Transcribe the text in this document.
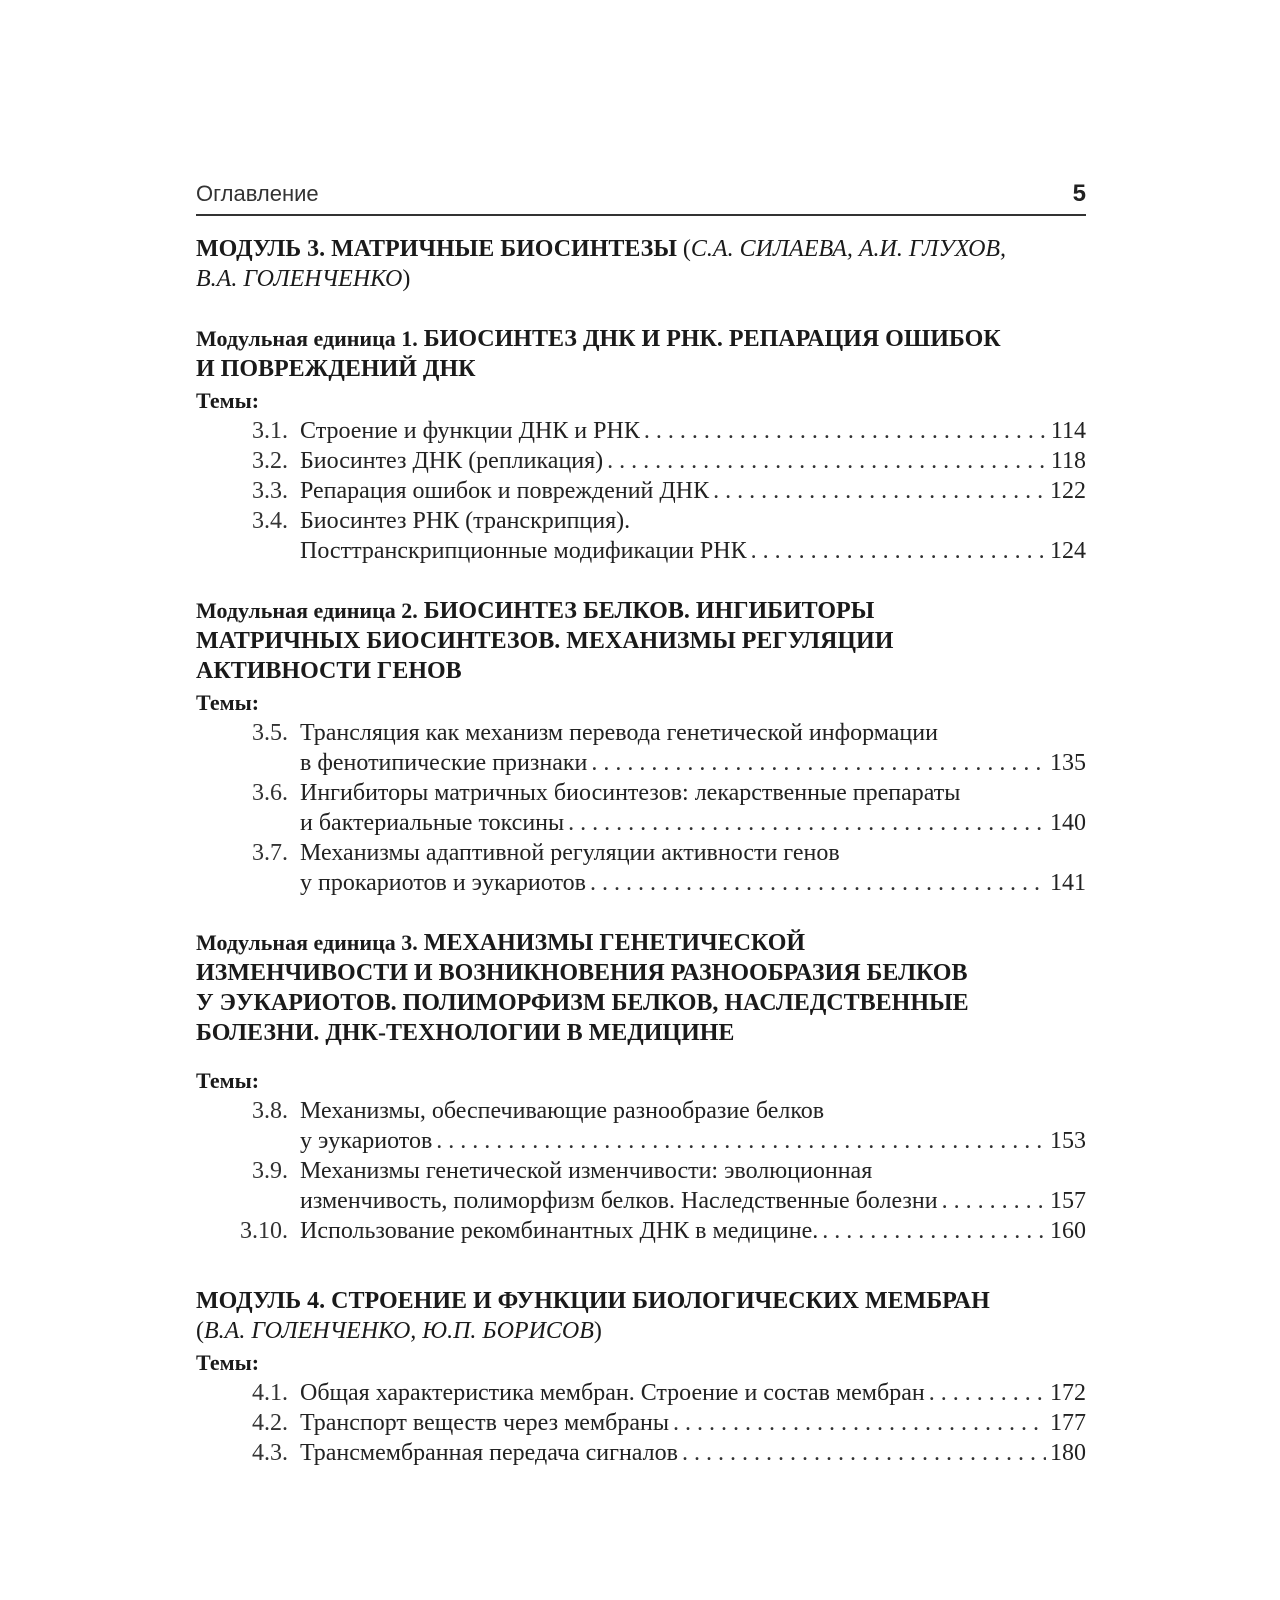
Оглавление	5
МОДУЛЬ 3. МАТРИЧНЫЕ БИОСИНТЕЗЫ (С.А. СИЛАЕВА, А.И. ГЛУХОВ,
В.А. ГОЛЕНЧЕНКО)
Модульная единица 1. БИОСИНТЕЗ ДНК И РНК. РЕПАРАЦИЯ ОШИБОК
И ПОВРЕЖДЕНИЙ ДНК
Темы:
3.1. Строение и функции ДНК и РНК . . .	114
3.2. Биосинтез ДНК (репликация) . . .	118
3.3. Репарация ошибок и повреждений ДНК . . .	122
3.4. Биосинтез РНК (транскрипция).
Посттранскрипционные модификации РНК . . .	124
Модульная единица 2. БИОСИНТЕЗ БЕЛКОВ. ИНГИБИТОРЫ
МАТРИЧНЫХ БИОСИНТЕЗОВ. МЕХАНИЗМЫ РЕГУЛЯЦИИ
АКТИВНОСТИ ГЕНОВ
Темы:
3.5. Трансляция как механизм перевода генетической информации
в фенотипические признаки . . .	135
3.6. Ингибиторы матричных биосинтезов: лекарственные препараты
и бактериальные токсины . . .	140
3.7. Механизмы адаптивной регуляции активности генов
у прокариотов и эукариотов . . .	141
Модульная единица 3. МЕХАНИЗМЫ ГЕНЕТИЧЕСКОЙ
ИЗМЕНЧИВОСТИ И ВОЗНИКНОВЕНИЯ РАЗНООБРАЗИЯ БЕЛКОВ
У ЭУКАРИОТОВ. ПОЛИМОРФИЗМ БЕЛКОВ, НАСЛЕДСТВЕННЫЕ
БОЛЕЗНИ. ДНК-ТЕХНОЛОГИИ В МЕДИЦИНЕ
Темы:
3.8. Механизмы, обеспечивающие разнообразие белков
у эукариотов . . .	153
3.9. Механизмы генетической изменчивости: эволюционная
изменчивость, полиморфизм белков. Наследственные болезни . . .	157
3.10. Использование рекомбинантных ДНК в медицине. . . .	160
МОДУЛЬ 4. СТРОЕНИЕ И ФУНКЦИИ БИОЛОГИЧЕСКИХ МЕМБРАН
(В.А. ГОЛЕНЧЕНКО, Ю.П. БОРИСОВ)
Темы:
4.1. Общая характеристика мембран. Строение и состав мембран . . .	172
4.2. Транспорт веществ через мембраны . . .	177
4.3. Трансмембранная передача сигналов . . .	180
